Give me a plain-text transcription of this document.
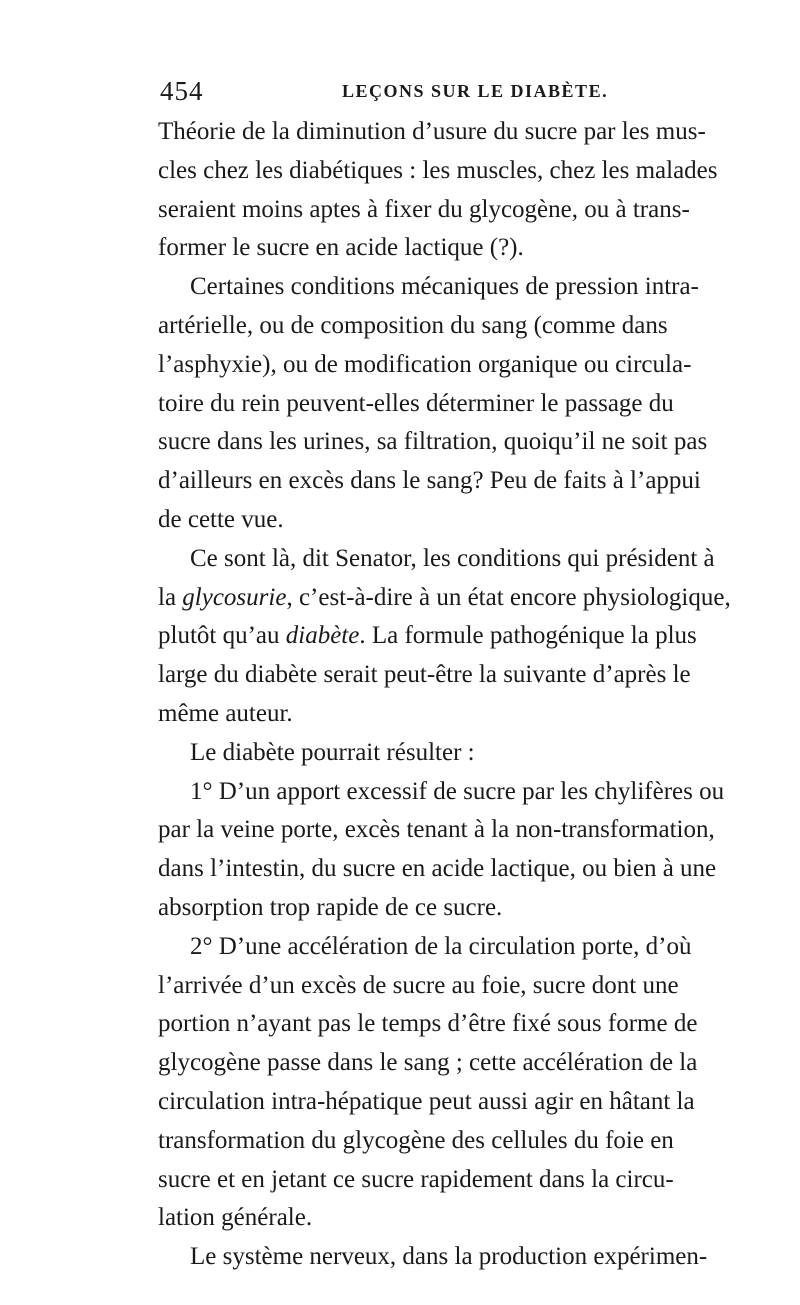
454	LEÇONS SUR LE DIABÈTE.
Théorie de la diminution d’usure du sucre par les mus-
cles chez les diabétiques : les muscles, chez les malades
seraient moins aptes à fixer du glycogène, ou à trans-
former le sucre en acide lactique (?).
Certaines conditions mécaniques de pression intra-
artérielle, ou de composition du sang (comme dans
l’asphyxie), ou de modification organique ou circula-
toire du rein peuvent-elles déterminer le passage du
sucre dans les urines, sa filtration, quoiqu’il ne soit pas
d’ailleurs en excès dans le sang? Peu de faits à l’appui
de cette vue.
Ce sont là, dit Senator, les conditions qui président à
la glycosurie, c’est-à-dire à un état encore physiologique,
plutôt qu’au diabète. La formule pathogénique la plus
large du diabète serait peut-être la suivante d’après le
même auteur.
Le diabète pourrait résulter :
1° D’un apport excessif de sucre par les chylifères ou
par la veine porte, excès tenant à la non-transformation,
dans l’intestin, du sucre en acide lactique, ou bien à une
absorption trop rapide de ce sucre.
2° D’une accélération de la circulation porte, d’où
l’arrivée d’un excès de sucre au foie, sucre dont une
portion n’ayant pas le temps d’être fixé sous forme de
glycogène passe dans le sang ; cette accélération de la
circulation intra-hépatique peut aussi agir en hâtant la
transformation du glycogène des cellules du foie en
sucre et en jetant ce sucre rapidement dans la circu-
lation générale.
Le système nerveux, dans la production expérimen-
